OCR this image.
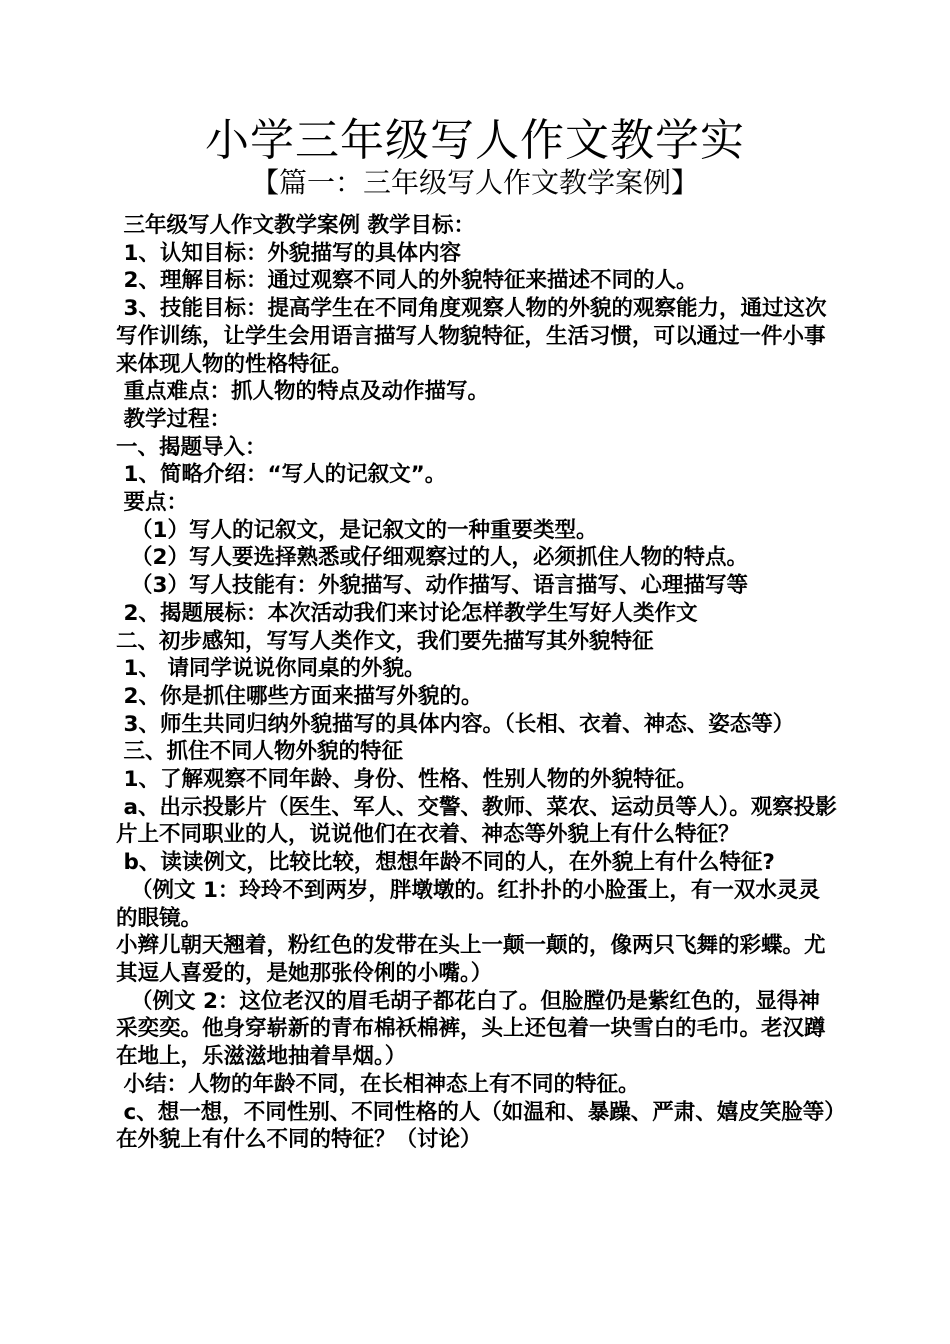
小学三年级写人作文教学实
【篇一：三年级写人作文教学案例】

三年级写人作文教学案例 教学目标：

1、认知目标：外貌描写的具体内容

2、理解目标：通过观察不同人的外貌特征来描述不同的人。

3、技能目标：提高学生在不同角度观察人物的外貌的观察能力，通过这次写作训练，让学生会用语言描写人物貌特征，生活习惯，可以通过一件小事来体现人物的性格特征。

重点难点：抓人物的特点及动作描写。

教学过程：

一、揭题导入：

1、简略介绍：“写人的记叙文”。

要点：

（1）写人的记叙文，是记叙文的一种重要类型。

（2）写人要选择熟悉或仔细观察过的人，必须抓住人物的特点。

（3）写人技能有：外貌描写、动作描写、语言描写、心理描写等

2、揭题展标：本次活动我们来讨论怎样教学生写好人类作文

二、初步感知，写写人类作文，我们要先描写其外貌特征

1、 请同学说说你同桌的外貌。

2、你是抓住哪些方面来描写外貌的。

3、师生共同归纳外貌描写的具体内容。（长相、衣着、神态、姿态等）

三、抓住不同人物外貌的特征

1、了解观察不同年龄、身份、性格、性别人物的外貌特征。

a、出示投影片（医生、军人、交警、教师、菜农、运动员等人）。观察投影片上不同职业的人，说说他们在衣着、神态等外貌上有什么特征？

b、读读例文，比较比较，想想年龄不同的人，在外貌上有什么特征?

（例文 1：玲玲不到两岁，胖墩墩的。红扑扑的小脸蛋上，有一双水灵灵的眼镜。

小辫儿朝天翘着，粉红色的发带在头上一颠一颠的，像两只飞舞的彩蝶。尤其逗人喜爱的，是她那张伶俐的小嘴。）

（例文 2：这位老汉的眉毛胡子都花白了。但脸膛仍是紫红色的，显得神采奕奕。他身穿崭新的青布棉袄棉裤，头上还包着一块雪白的毛巾。老汉蹲在地上，乐滋滋地抽着旱烟。）

小结：人物的年龄不同，在长相神态上有不同的特征。

c、想一想，不同性别、不同性格的人（如温和、暴躁、严肃、嬉皮笑脸等）在外貌上有什么不同的特征？（讨论）
